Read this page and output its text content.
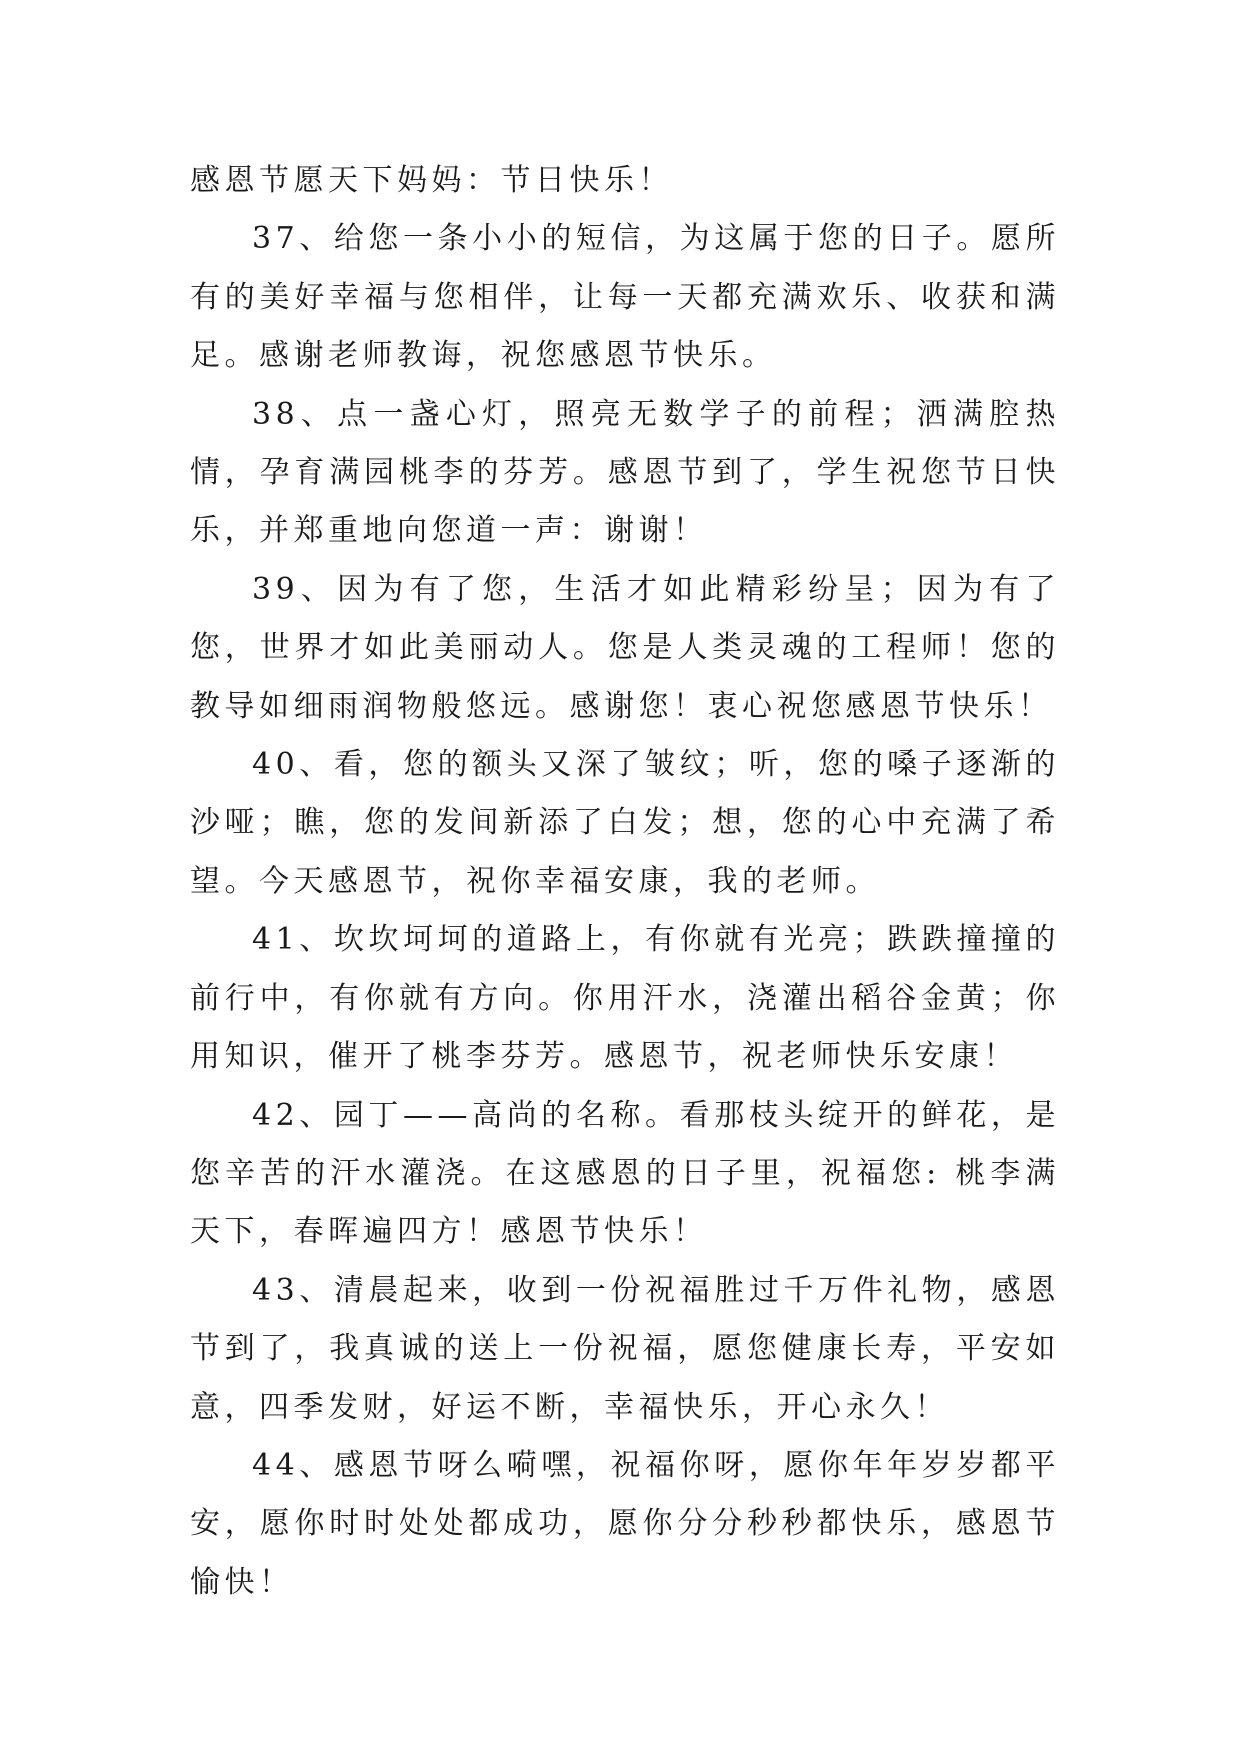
感恩节愿天下妈妈：节日快乐！

37、给您一条小小的短信，为这属于您的日子。愿所有的美好幸福与您相伴，让每一天都充满欢乐、收获和满足。感谢老师教诲，祝您感恩节快乐。

38、点一盏心灯，照亮无数学子的前程；洒满腔热情，孕育满园桃李的芬芳。感恩节到了，学生祝您节日快乐，并郑重地向您道一声：谢谢！

39、因为有了您，生活才如此精彩纷呈；因为有了您，世界才如此美丽动人。您是人类灵魂的工程师！您的教导如细雨润物般悠远。感谢您！衷心祝您感恩节快乐！

40、看，您的额头又深了皱纹；听，您的嗓子逐渐的沙哑；瞧，您的发间新添了白发；想，您的心中充满了希望。今天感恩节，祝你幸福安康，我的老师。

41、坎坎坷坷的道路上，有你就有光亮；跌跌撞撞的前行中，有你就有方向。你用汗水，浇灌出稻谷金黄；你用知识，催开了桃李芬芳。感恩节，祝老师快乐安康！

42、园丁——高尚的名称。看那枝头绽开的鲜花，是您辛苦的汗水灌浇。在这感恩的日子里，祝福您: 桃李满天下，春晖遍四方！感恩节快乐！

43、清晨起来，收到一份祝福胜过千万件礼物，感恩节到了，我真诚的送上一份祝福，愿您健康长寿，平安如意，四季发财，好运不断，幸福快乐，开心永久！

44、感恩节呀么嗬嘿，祝福你呀，愿你年年岁岁都平安，愿你时时处处都成功，愿你分分秒秒都快乐，感恩节愉快！
